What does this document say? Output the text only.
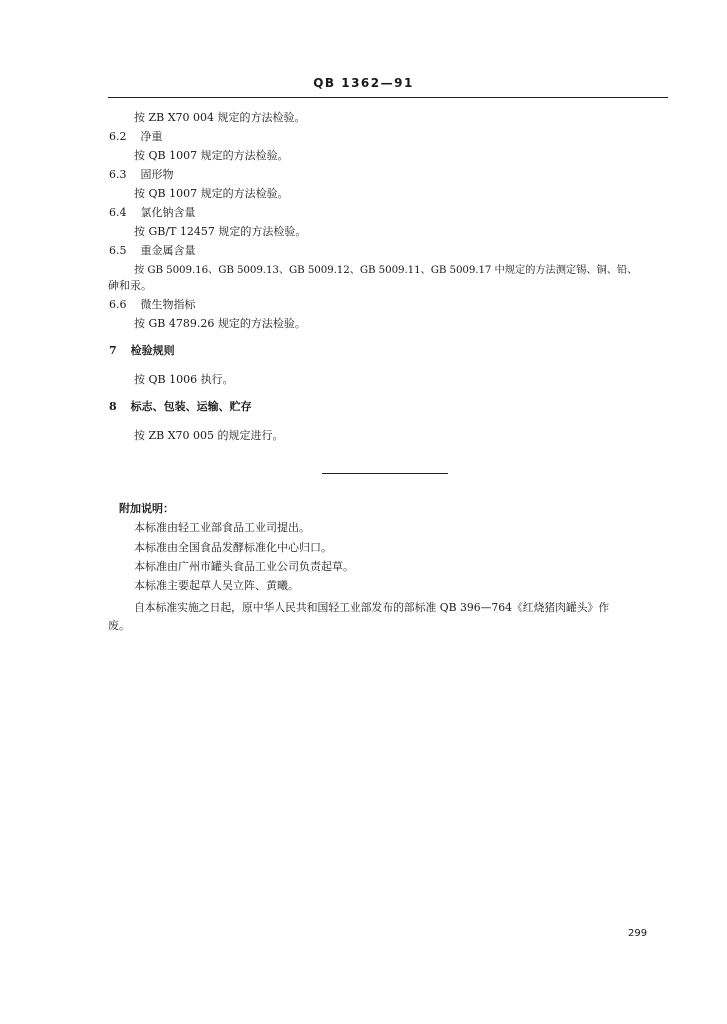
QB 1362—91
按 ZB X70 004 规定的方法检验。
6.2 净重
按 QB 1007 规定的方法检验。
6.3 固形物
按 QB 1007 规定的方法检验。
6.4 氯化钠含量
按 GB/T 12457 规定的方法检验。
6.5 重金属含量
按 GB 5009.16、GB 5009.13、GB 5009.12、GB 5009.11、GB 5009.17 中规定的方法测定锡、铜、铅、
砷和汞。
6.6 微生物指标
按 GB 4789.26 规定的方法检验。
7 检验规则
按 QB 1006 执行。
8 标志、包装、运输、贮存
按 ZB X70 005 的规定进行。
附加说明：
本标准由轻工业部食品工业司提出。
本标准由全国食品发酵标准化中心归口。
本标准由广州市罐头食品工业公司负责起草。
本标准主要起草人吴立阵、黄曦。
自本标准实施之日起，原中华人民共和国轻工业部发布的部标准 QB 396—764《红烧猪肉罐头》作
废。
299
